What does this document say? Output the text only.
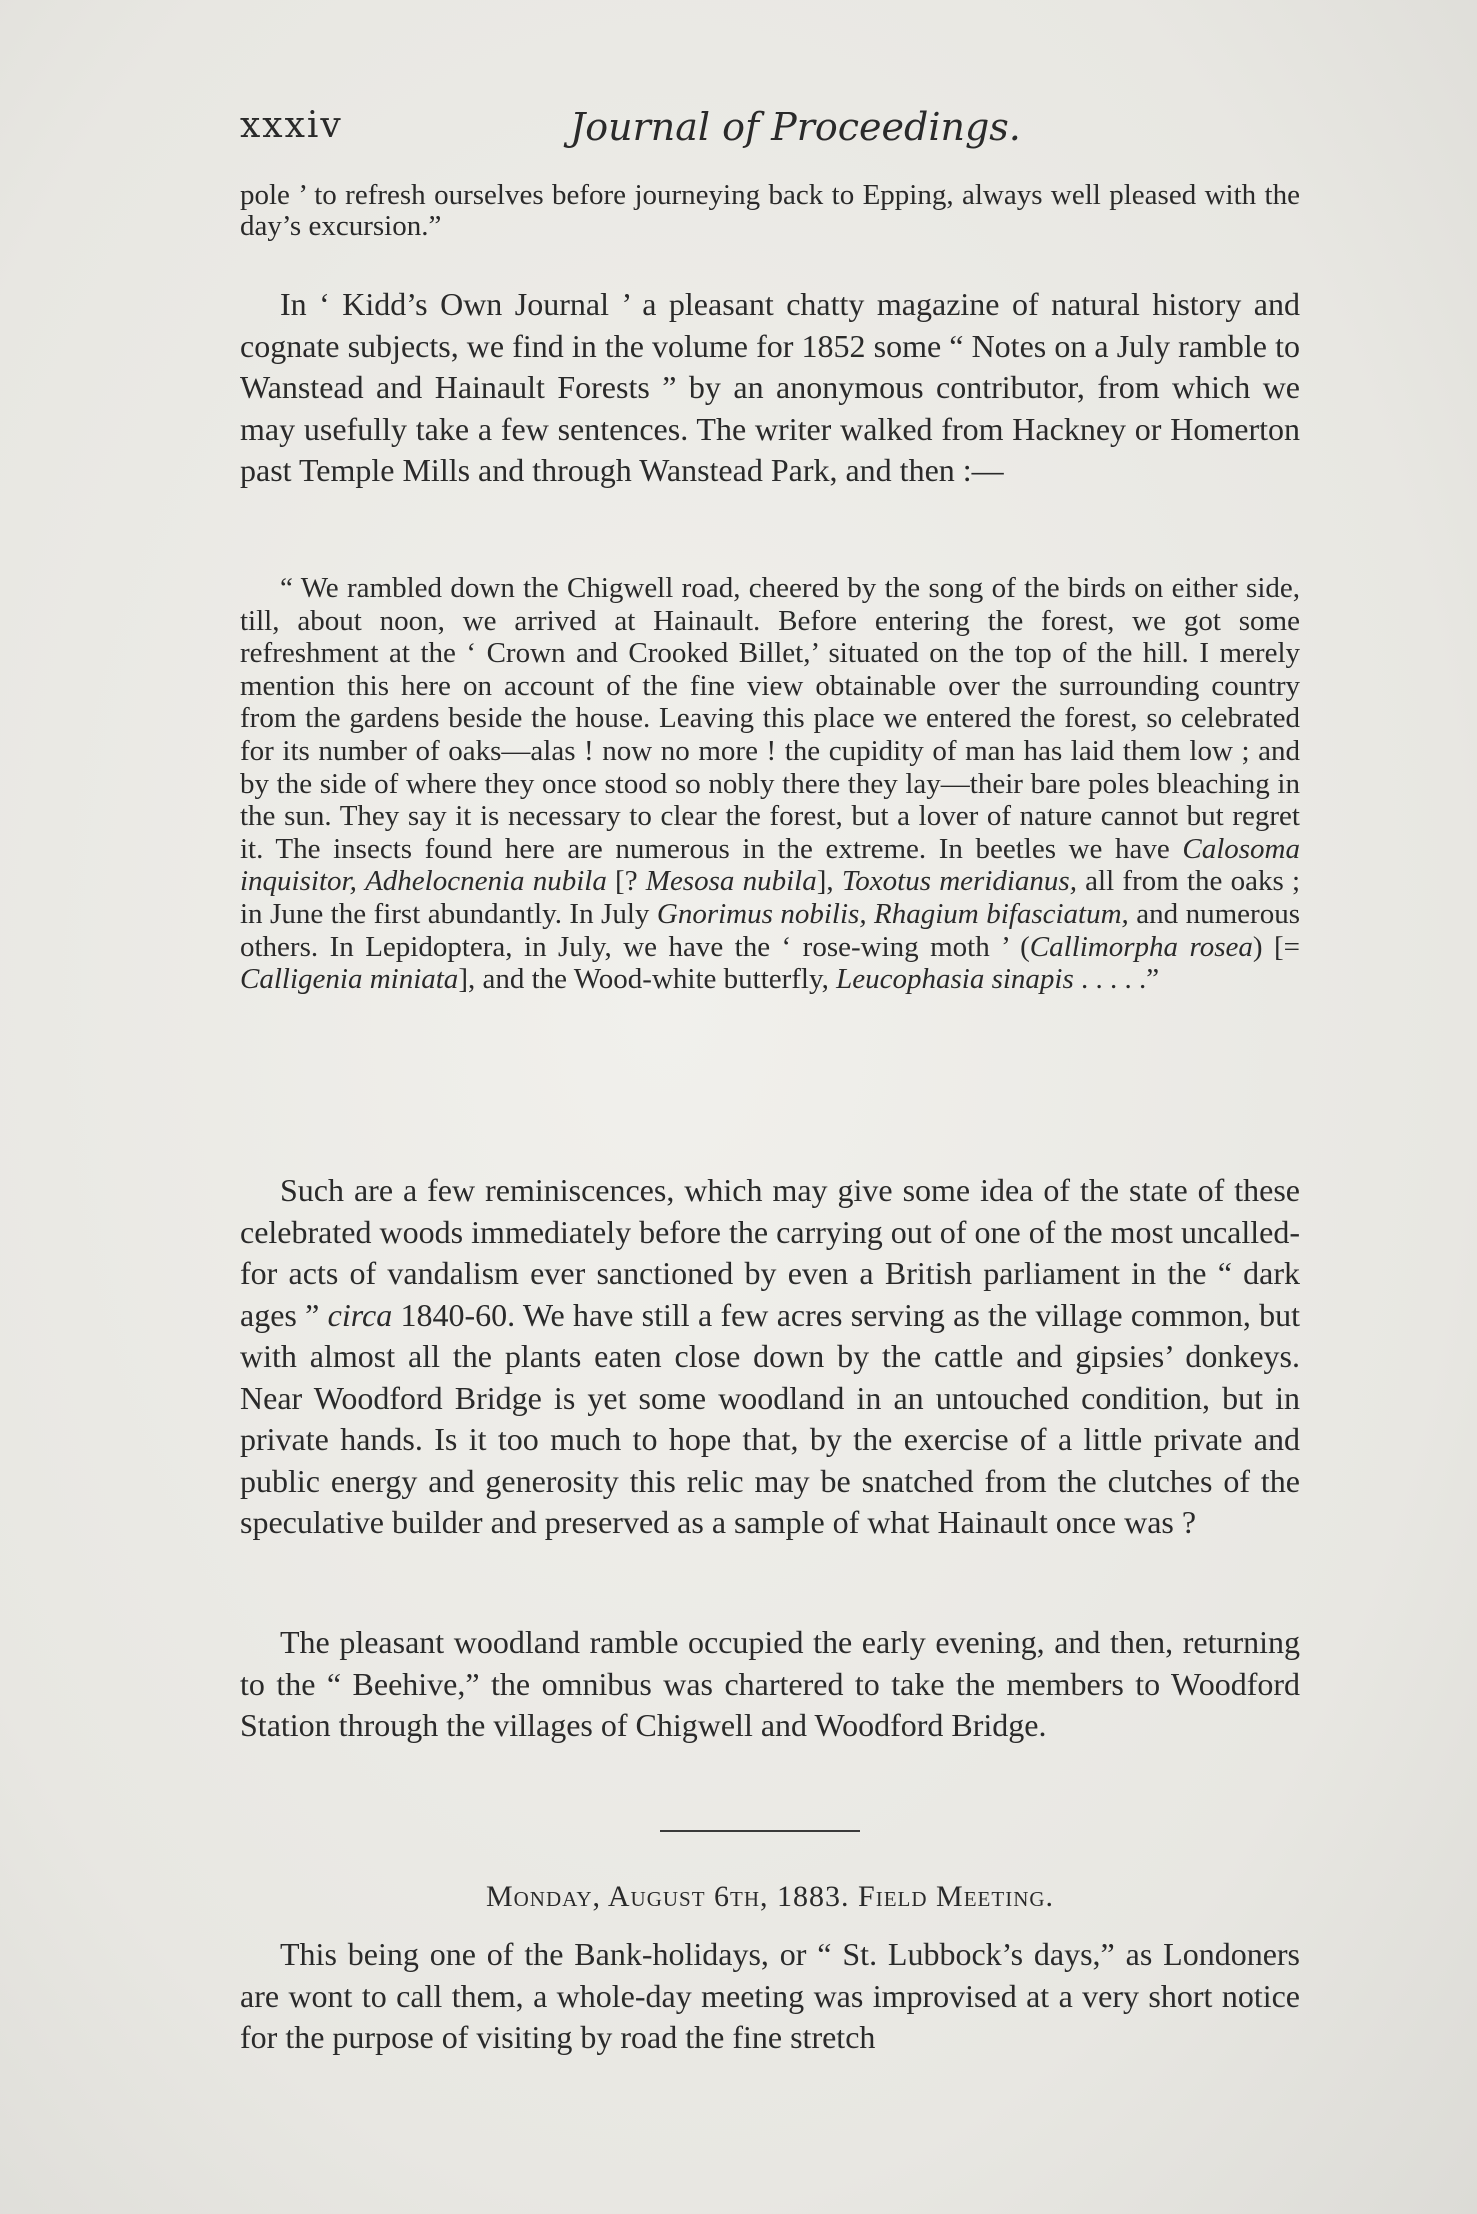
xxxiv	Journal of Proceedings.

pole ’ to refresh ourselves before journeying back to Epping, always well pleased with the day’s excursion.”

In ‘ Kidd’s Own Journal ’ a pleasant chatty magazine of natural history and cognate subjects, we find in the volume for 1852 some “ Notes on a July ramble to Wanstead and Hainault Forests ” by an anonymous contributor, from which we may usefully take a few sentences. The writer walked from Hackney or Homerton past Temple Mills and through Wanstead Park, and then :—

“ We rambled down the Chigwell road, cheered by the song of the birds on either side, till, about noon, we arrived at Hainault. Before entering the forest, we got some refreshment at the ‘ Crown and Crooked Billet,’ situated on the top of the hill. I merely mention this here on account of the fine view obtainable over the surrounding country from the gardens beside the house. Leaving this place we entered the forest, so celebrated for its number of oaks—alas ! now no more ! the cupidity of man has laid them low ; and by the side of where they once stood so nobly there they lay—their bare poles bleaching in the sun. They say it is necessary to clear the forest, but a lover of nature cannot but regret it. The insects found here are numerous in the extreme. In beetles we have Calosoma inquisitor, Adhelocnenia nubila [? Mesosa nubila], Toxotus meridianus, all from the oaks ; in June the first abundantly. In July Gnorimus nobilis, Rhagium bifasciatum, and numerous others. In Lepidoptera, in July, we have the ‘ rose-wing moth ’ (Callimorpha rosea) [= Calligenia miniata], and the Wood-white butterfly, Leucophasia sinapis . . . . .”

Such are a few reminiscences, which may give some idea of the state of these celebrated woods immediately before the carrying out of one of the most uncalled-for acts of vandalism ever sanctioned by even a British parliament in the “ dark ages ” circa 1840-60. We have still a few acres serving as the village common, but with almost all the plants eaten close down by the cattle and gipsies’ donkeys. Near Woodford Bridge is yet some woodland in an untouched condition, but in private hands. Is it too much to hope that, by the exercise of a little private and public energy and generosity this relic may be snatched from the clutches of the speculative builder and preserved as a sample of what Hainault once was ?

The pleasant woodland ramble occupied the early evening, and then, returning to the “ Beehive,” the omnibus was chartered to take the members to Woodford Station through the villages of Chigwell and Woodford Bridge.

Monday, August 6th, 1883. Field Meeting.

This being one of the Bank-holidays, or “ St. Lubbock’s days,” as Londoners are wont to call them, a whole-day meeting was improvised at a very short notice for the purpose of visiting by road the fine stretch
